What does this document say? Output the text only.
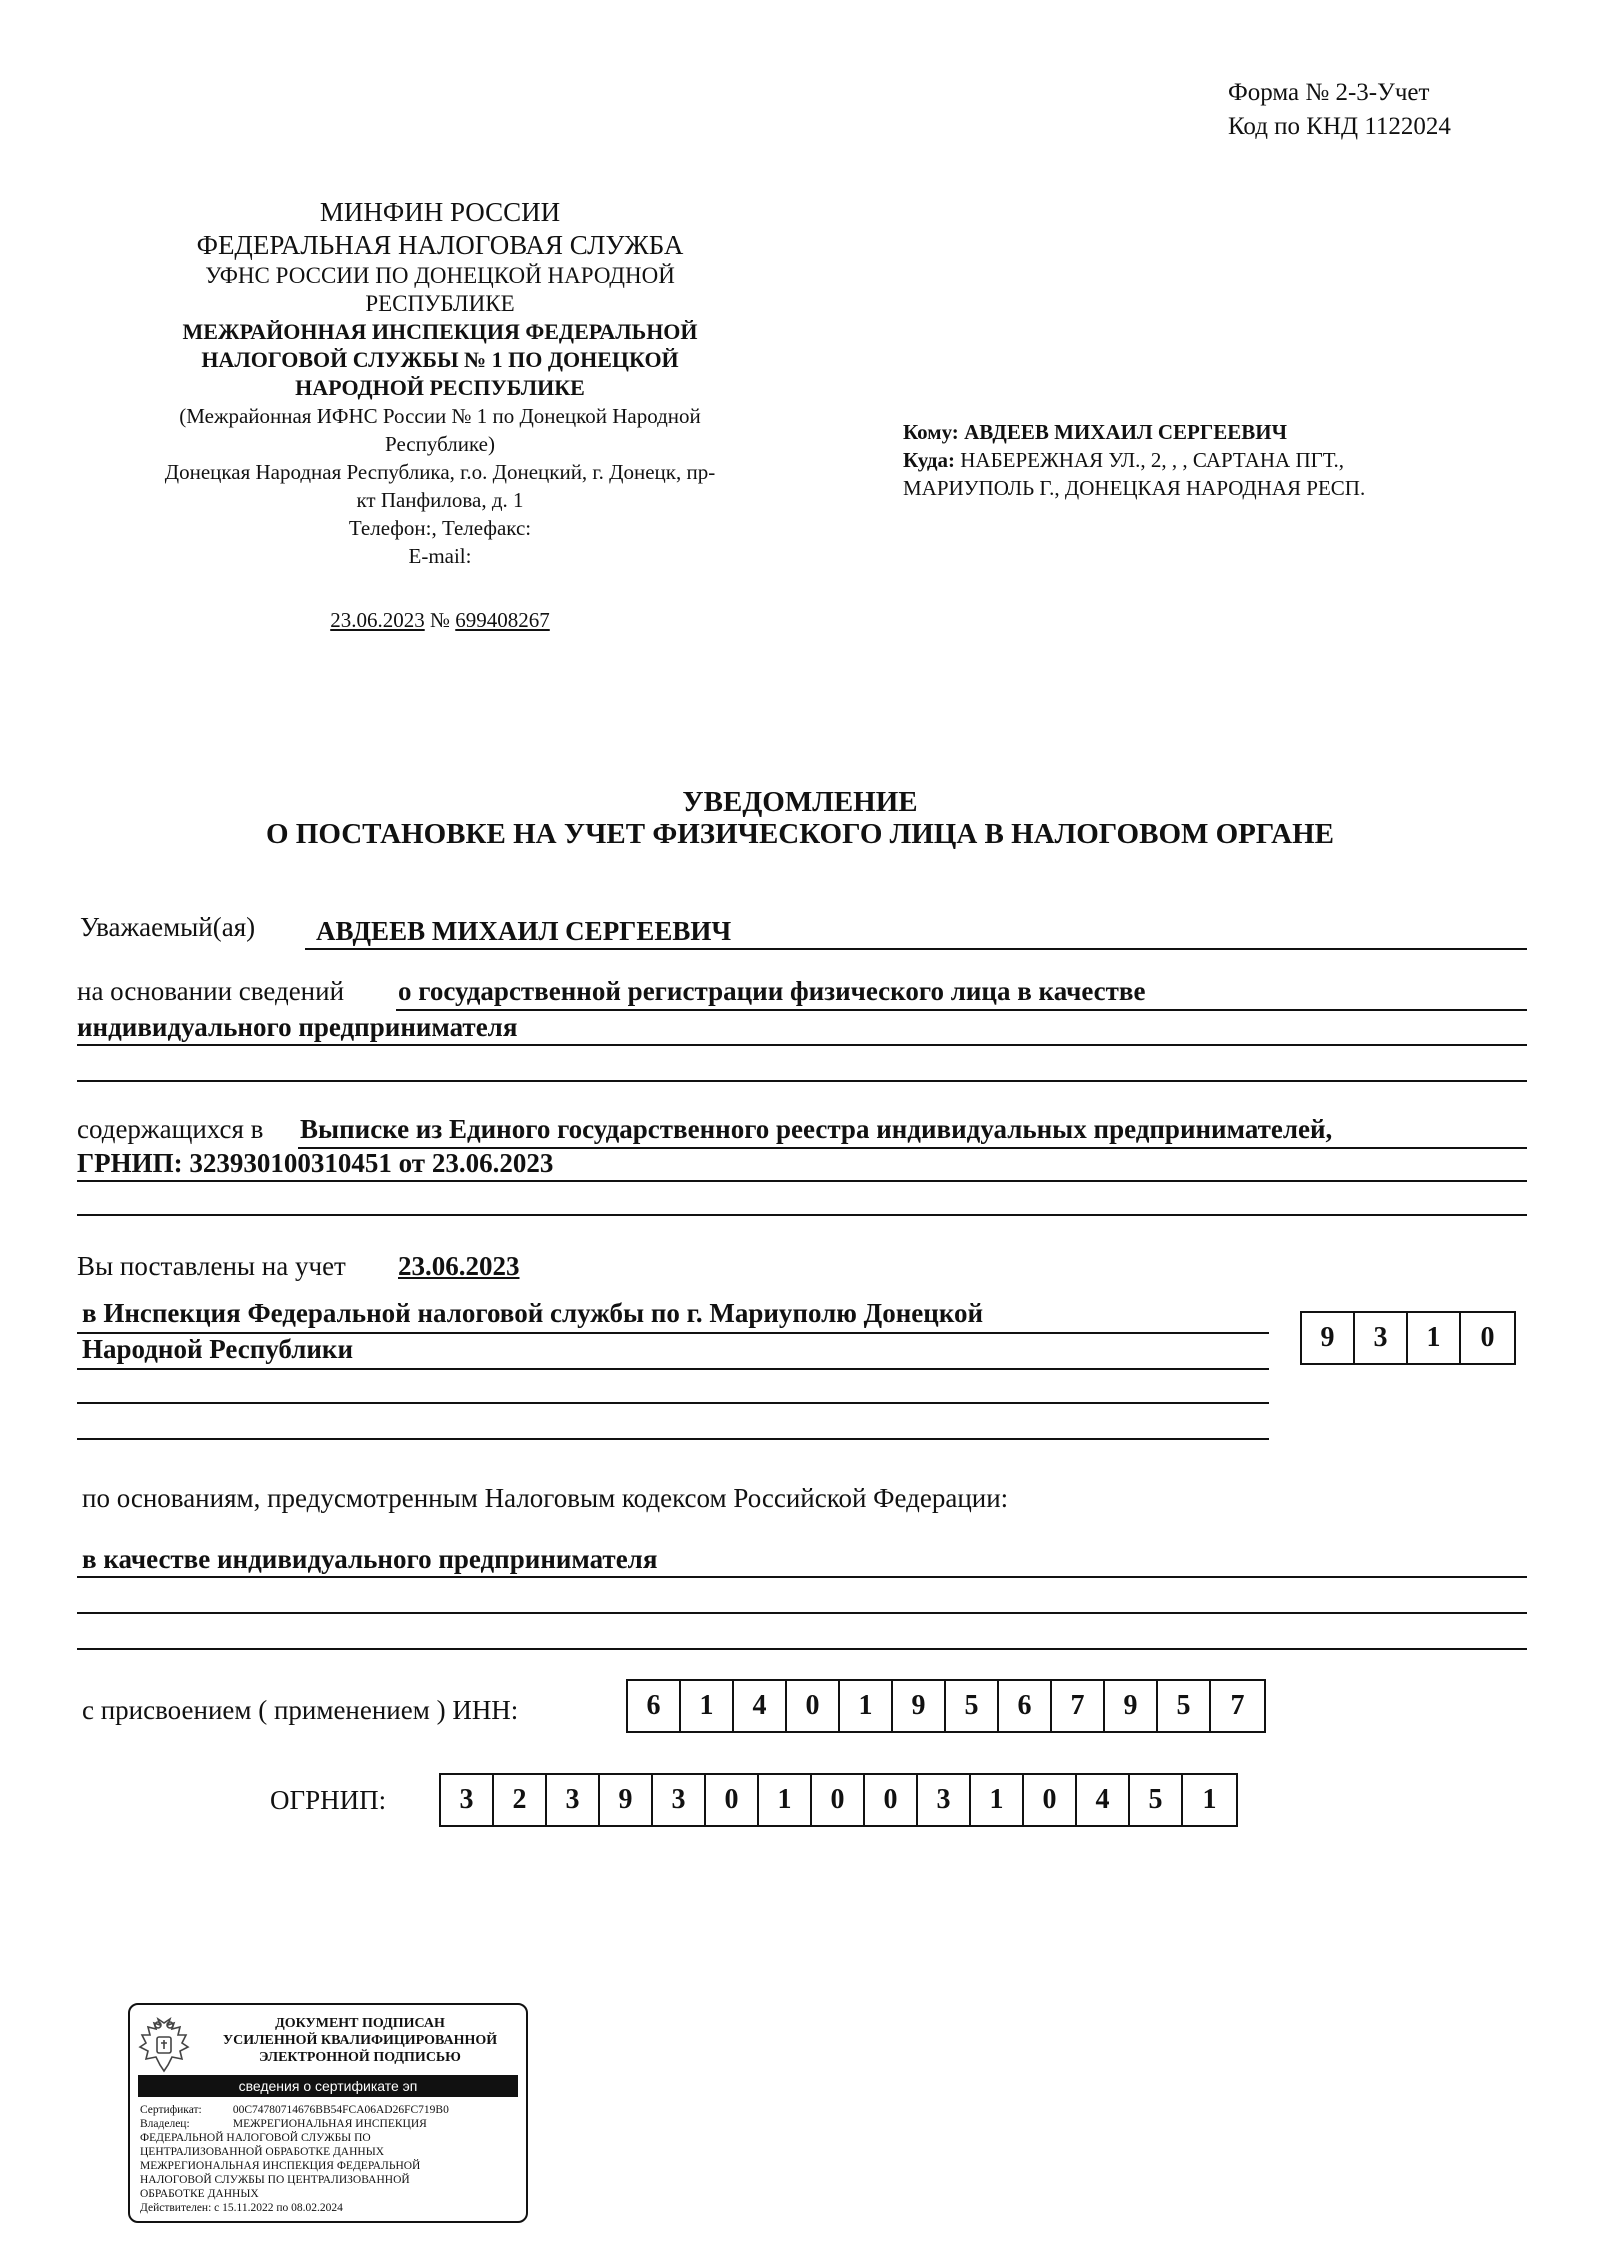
Форма № 2-3-Учет
Код по КНД 1122024
МИНФИН РОССИИ
ФЕДЕРАЛЬНАЯ НАЛОГОВАЯ СЛУЖБА
УФНС РОССИИ ПО ДОНЕЦКОЙ НАРОДНОЙ
РЕСПУБЛИКЕ
МЕЖРАЙОННАЯ ИНСПЕКЦИЯ ФЕДЕРАЛЬНОЙ
НАЛОГОВОЙ СЛУЖБЫ № 1 ПО ДОНЕЦКОЙ
НАРОДНОЙ РЕСПУБЛИКЕ
(Межрайонная ИФНС России № 1 по Донецкой Народной
Республике)
Донецкая Народная Республика, г.о. Донецкий, г. Донецк, пр-
кт Панфилова, д. 1
Телефон:, Телефакс:
E-mail:
23.06.2023 № 699408267
Кому: АВДЕЕВ МИХАИЛ СЕРГЕЕВИЧ
Куда: НАБЕРЕЖНАЯ УЛ., 2, , , САРТАНА ПГТ.,
МАРИУПОЛЬ Г., ДОНЕЦКАЯ НАРОДНАЯ РЕСП.
УВЕДОМЛЕНИЕ
О ПОСТАНОВКЕ НА УЧЕТ ФИЗИЧЕСКОГО ЛИЦА В НАЛОГОВОМ ОРГАНЕ
Уважаемый(ая) АВДЕЕВ МИХАИЛ СЕРГЕЕВИЧ
на основании сведений о государственной регистрации физического лица в качестве
индивидуального предпринимателя
содержащихся в Выписке из Единого государственного реестра индивидуальных предпринимателей,
ГРНИП: 323930100310451 от 23.06.2023
Вы поставлены на учет 23.06.2023
в Инспекция Федеральной налоговой службы по г. Мариуполю Донецкой
Народной Республики	9	3	1	0
по основаниям, предусмотренным Налоговым кодексом Российской Федерации:
в качестве индивидуального предпринимателя
с присвоением ( применением ) ИНН:	6	1	4	0	1	9	5	6	7	9	5	7
ОГРНИП:	3	2	3	9	3	0	1	0	0	3	1	0	4	5	1
ДОКУМЕНТ ПОДПИСАН
УСИЛЕННОЙ КВАЛИФИЦИРОВАННОЙ
ЭЛЕКТРОННОЙ ПОДПИСЬЮ
сведения о сертификате эп
Сертификат:	00C74780714676BB54FCA06AD26FC719B0
Владелец:	МЕЖРЕГИОНАЛЬНАЯ ИНСПЕКЦИЯ
ФЕДЕРАЛЬНОЙ НАЛОГОВОЙ СЛУЖБЫ ПО
ЦЕНТРАЛИЗОВАННОЙ ОБРАБОТКЕ ДАННЫХ
МЕЖРЕГИОНАЛЬНАЯ ИНСПЕКЦИЯ ФЕДЕРАЛЬНОЙ
НАЛОГОВОЙ СЛУЖБЫ ПО ЦЕНТРАЛИЗОВАННОЙ
ОБРАБОТКЕ ДАННЫХ
Действителен: с 15.11.2022 по 08.02.2024
